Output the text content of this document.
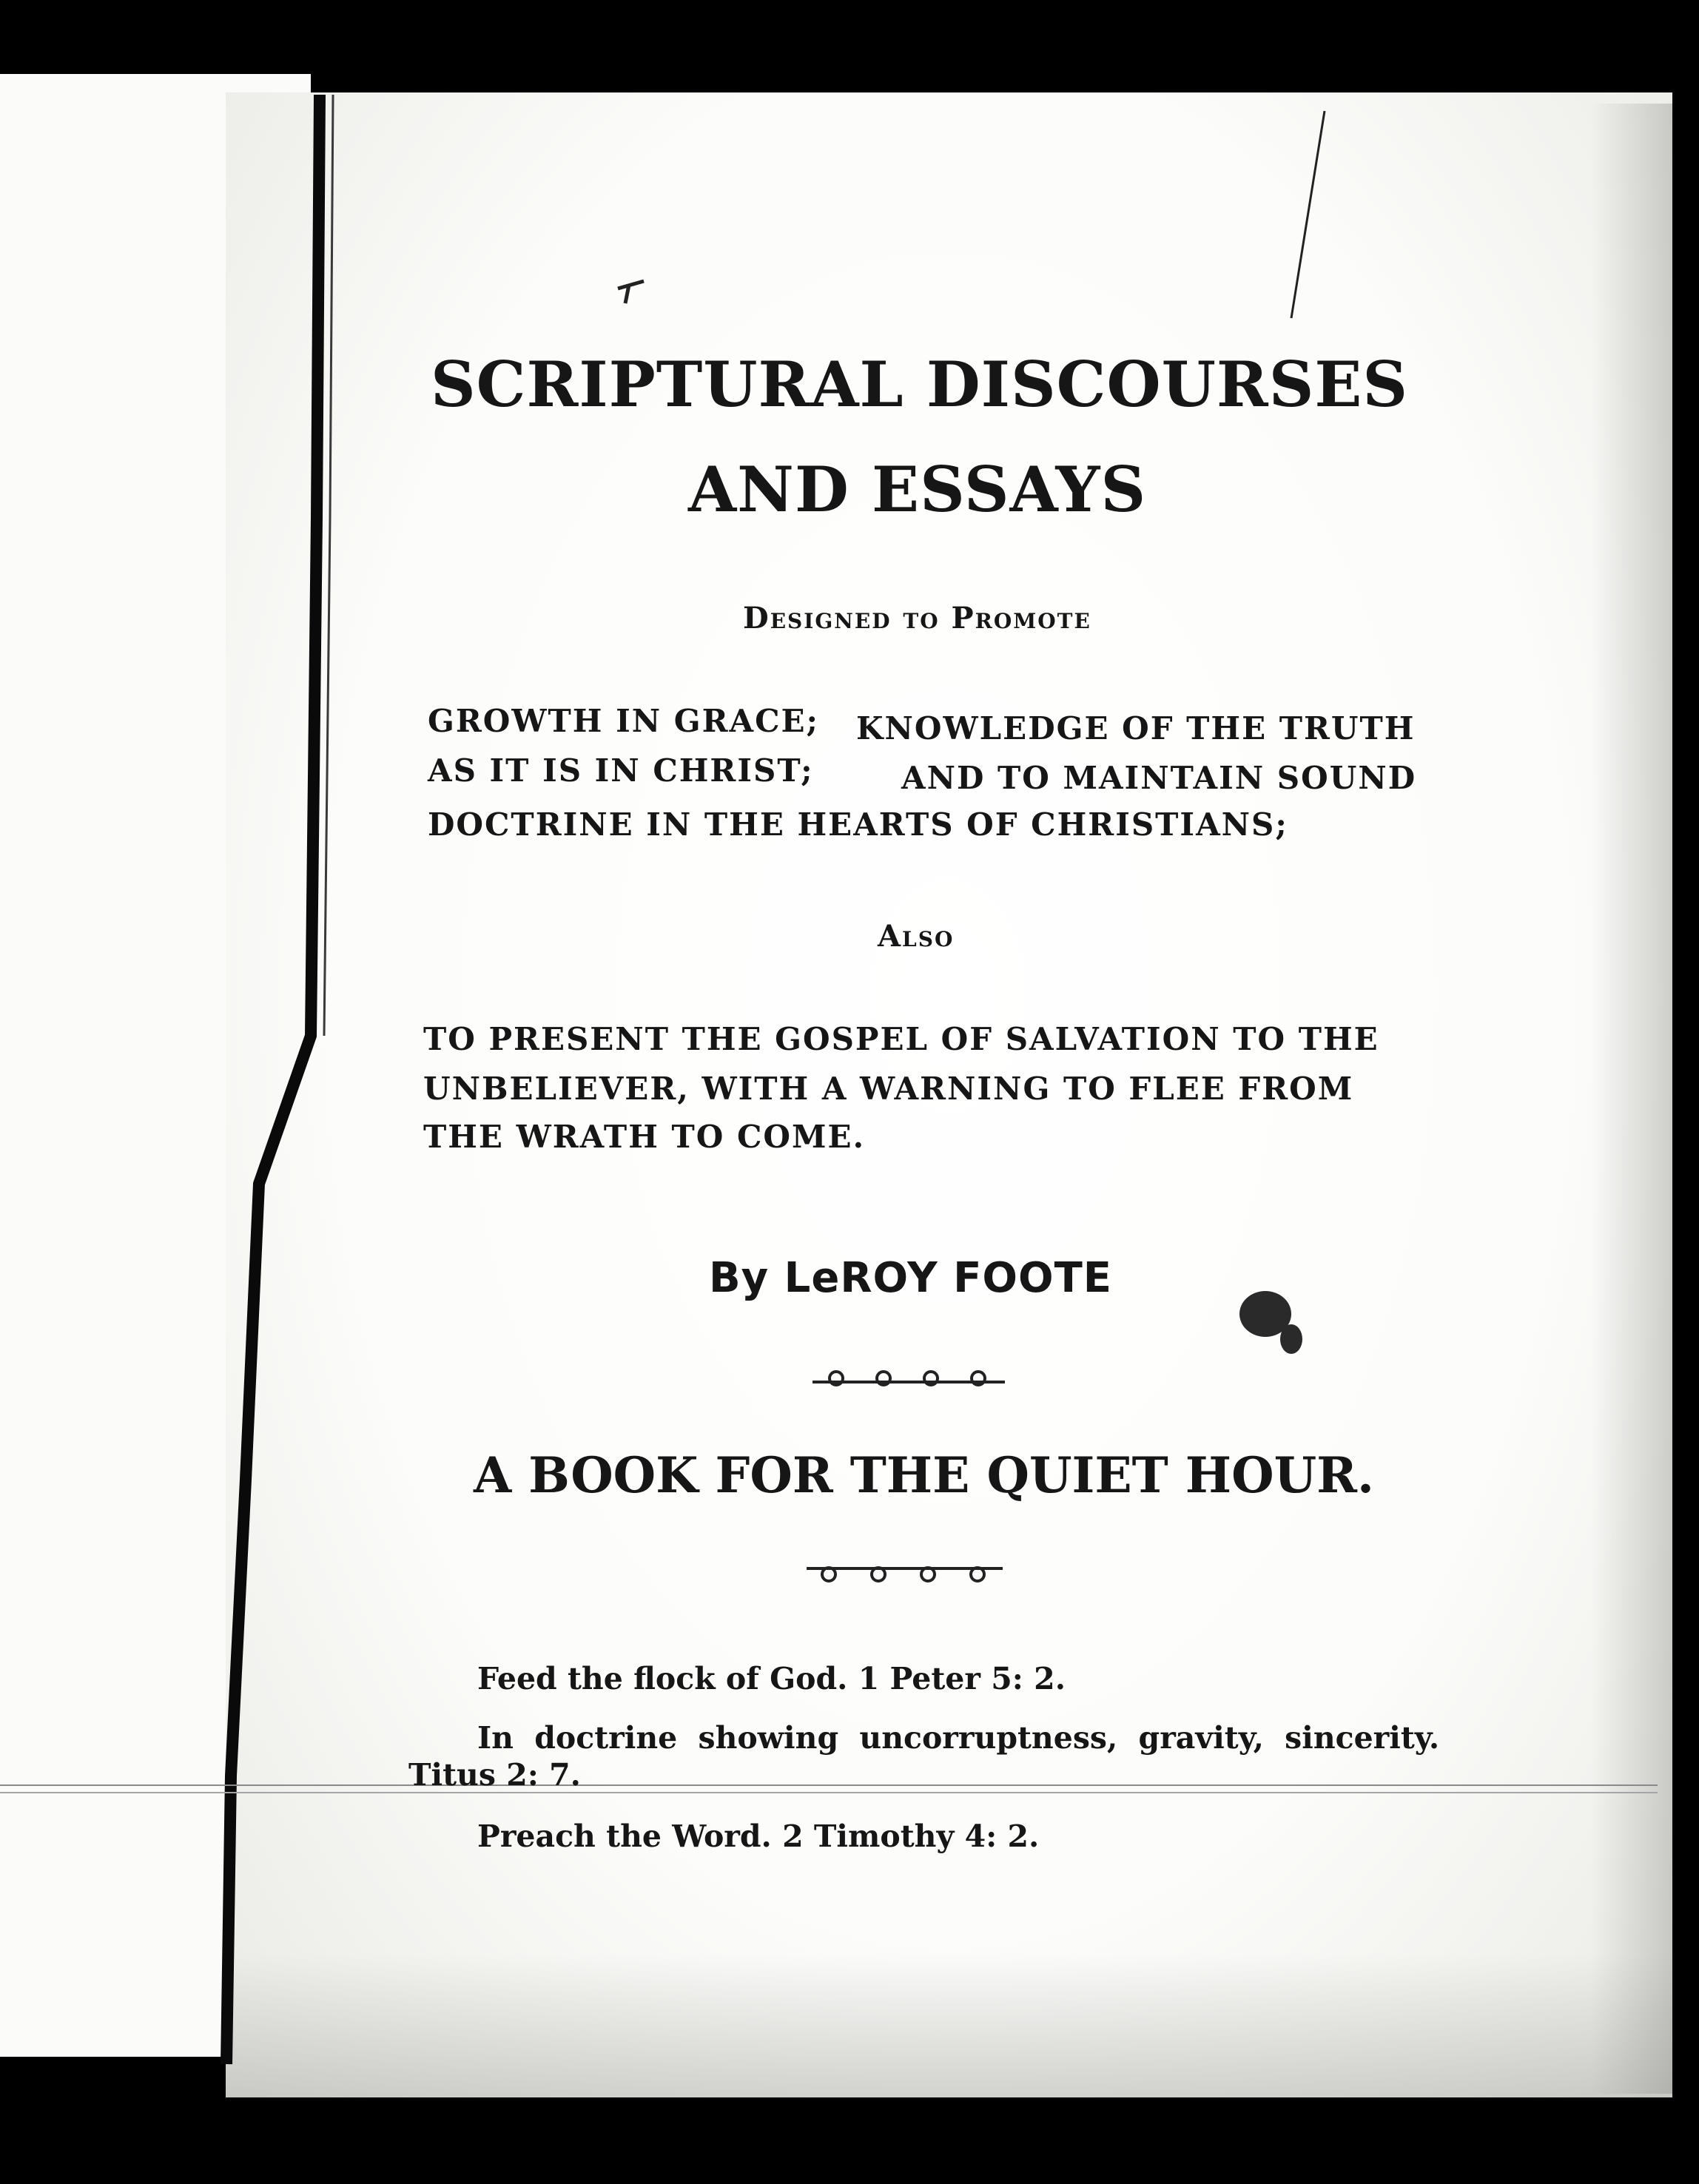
SCRIPTURAL DISCOURSES
AND ESSAYS
Designed to Promote
GROWTH IN GRACE; KNOWLEDGE OF THE TRUTH
AS IT IS IN CHRIST;	AND TO MAINTAIN SOUND
DOCTRINE IN THE HEARTS OF CHRISTIANS;
Also
TO PRESENT THE GOSPEL OF SALVATION TO THE
UNBELIEVER, WITH A WARNING TO FLEE FROM
THE WRATH TO COME.
By LeROY FOOTE
A BOOK FOR THE QUIET HOUR.
Feed the flock of God. 1 Peter 5: 2.
In doctrine showing uncorruptness, gravity, sincerity.
Titus 2: 7.
Preach the Word. 2 Timothy 4: 2.
